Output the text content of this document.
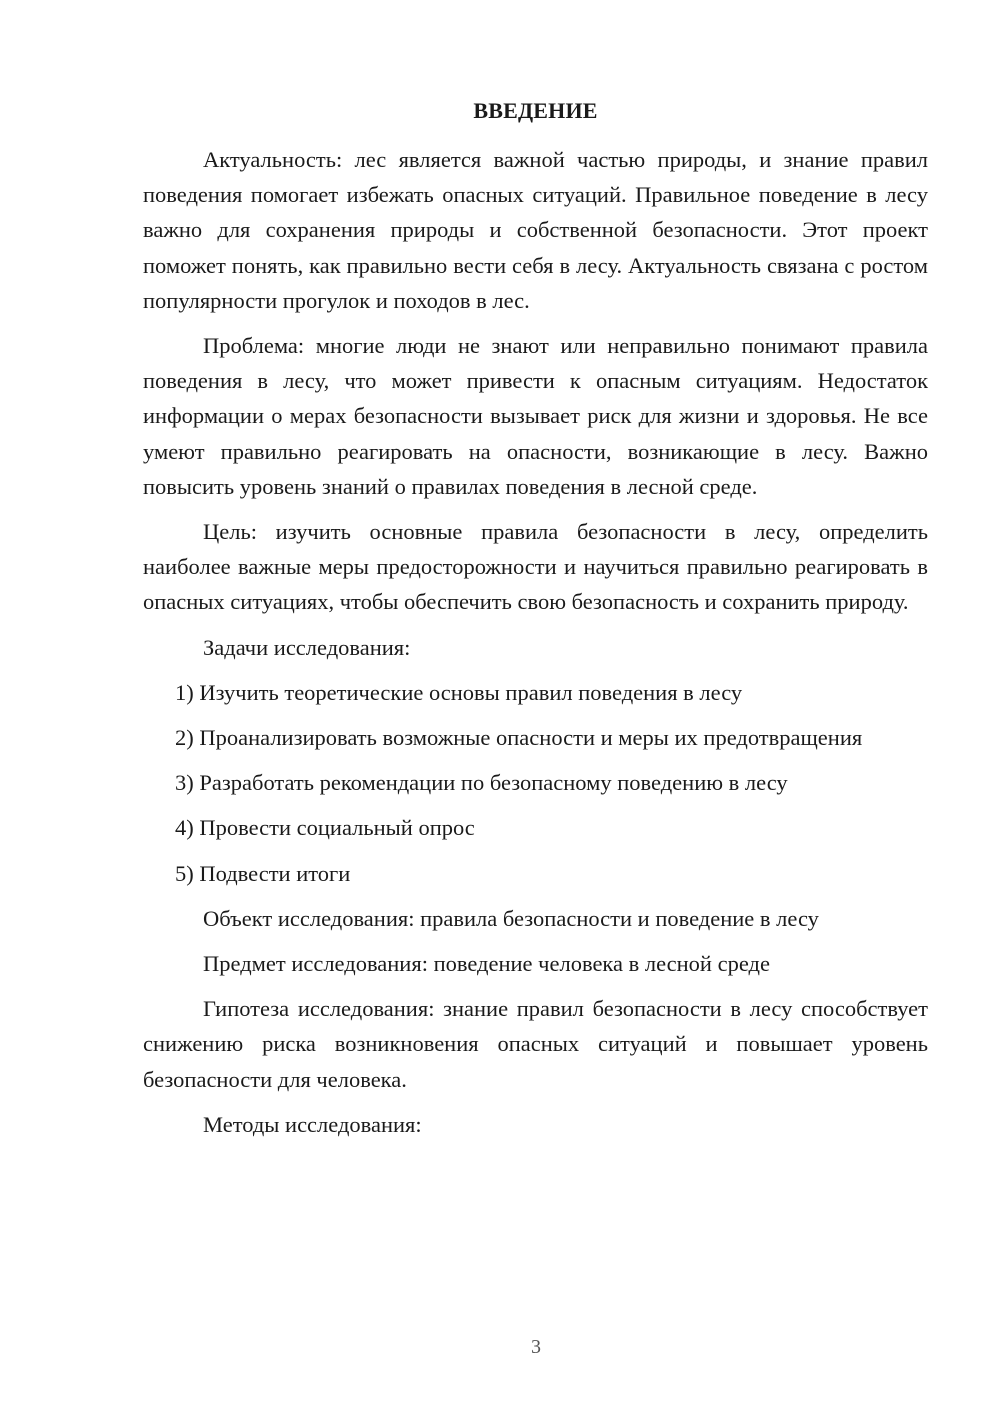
ВВЕДЕНИЕ

Актуальность: лес является важной частью природы, и знание правил поведения помогает избежать опасных ситуаций. Правильное поведение в лесу важно для сохранения природы и собственной безопасности. Этот проект поможет понять, как правильно вести себя в лесу. Актуальность связана с ростом популярности прогулок и походов в лес.

Проблема: многие люди не знают или неправильно понимают правила поведения в лесу, что может привести к опасным ситуациям. Недостаток информации о мерах безопасности вызывает риск для жизни и здоровья. Не все умеют правильно реагировать на опасности, возникающие в лесу. Важно повысить уровень знаний о правилах поведения в лесной среде.

Цель: изучить основные правила безопасности в лесу, определить наиболее важные меры предосторожности и научиться правильно реагировать в опасных ситуациях, чтобы обеспечить свою безопасность и сохранить природу.

Задачи исследования:

1) Изучить теоретические основы правил поведения в лесу

2) Проанализировать возможные опасности и меры их предотвращения

3) Разработать рекомендации по безопасному поведению в лесу

4) Провести социальный опрос

5) Подвести итоги

Объект исследования: правила безопасности и поведение в лесу

Предмет исследования: поведение человека в лесной среде

Гипотеза исследования: знание правил безопасности в лесу способствует снижению риска возникновения опасных ситуаций и повышает уровень безопасности для человека.

Методы исследования:

3
